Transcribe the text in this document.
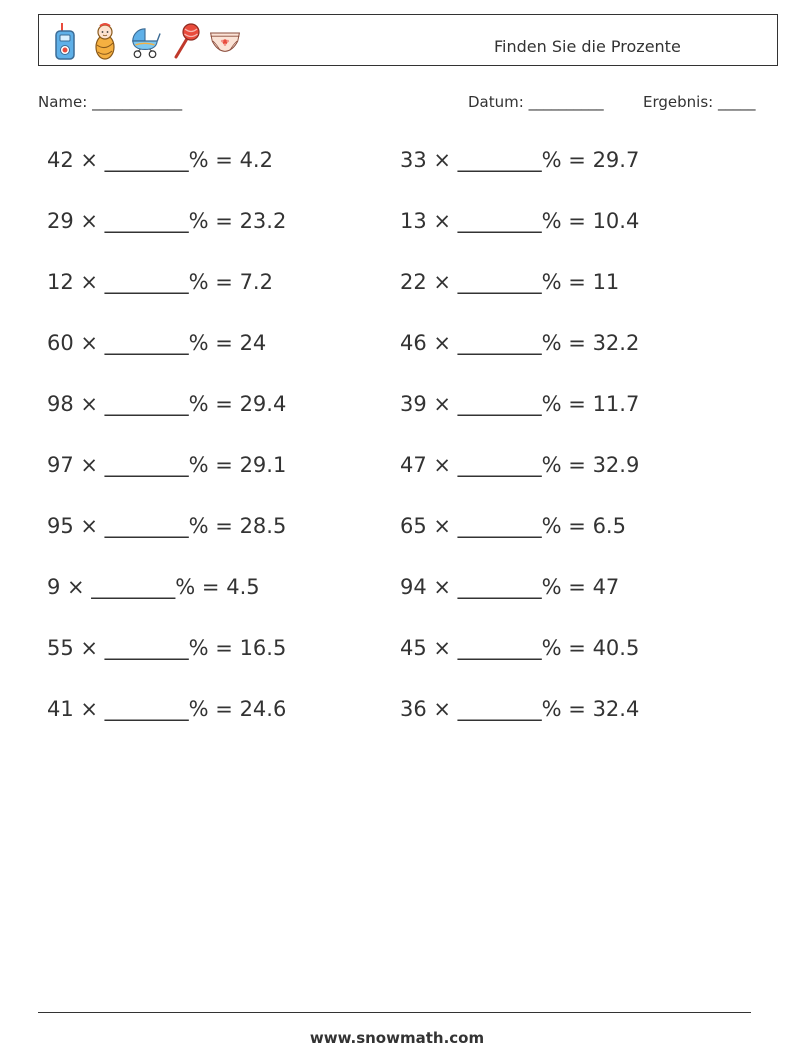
Finden Sie die Prozente
Name: ____________	Datum: __________	Ergebnis: _____
42 × ________% = 4.2
29 × ________% = 23.2
12 × ________% = 7.2
60 × ________% = 24
98 × ________% = 29.4
97 × ________% = 29.1
95 × ________% = 28.5
9 × ________% = 4.5
55 × ________% = 16.5
41 × ________% = 24.6
33 × ________% = 29.7
13 × ________% = 10.4
22 × ________% = 11
46 × ________% = 32.2
39 × ________% = 11.7
47 × ________% = 32.9
65 × ________% = 6.5
94 × ________% = 47
45 × ________% = 40.5
36 × ________% = 32.4
www.snowmath.com
